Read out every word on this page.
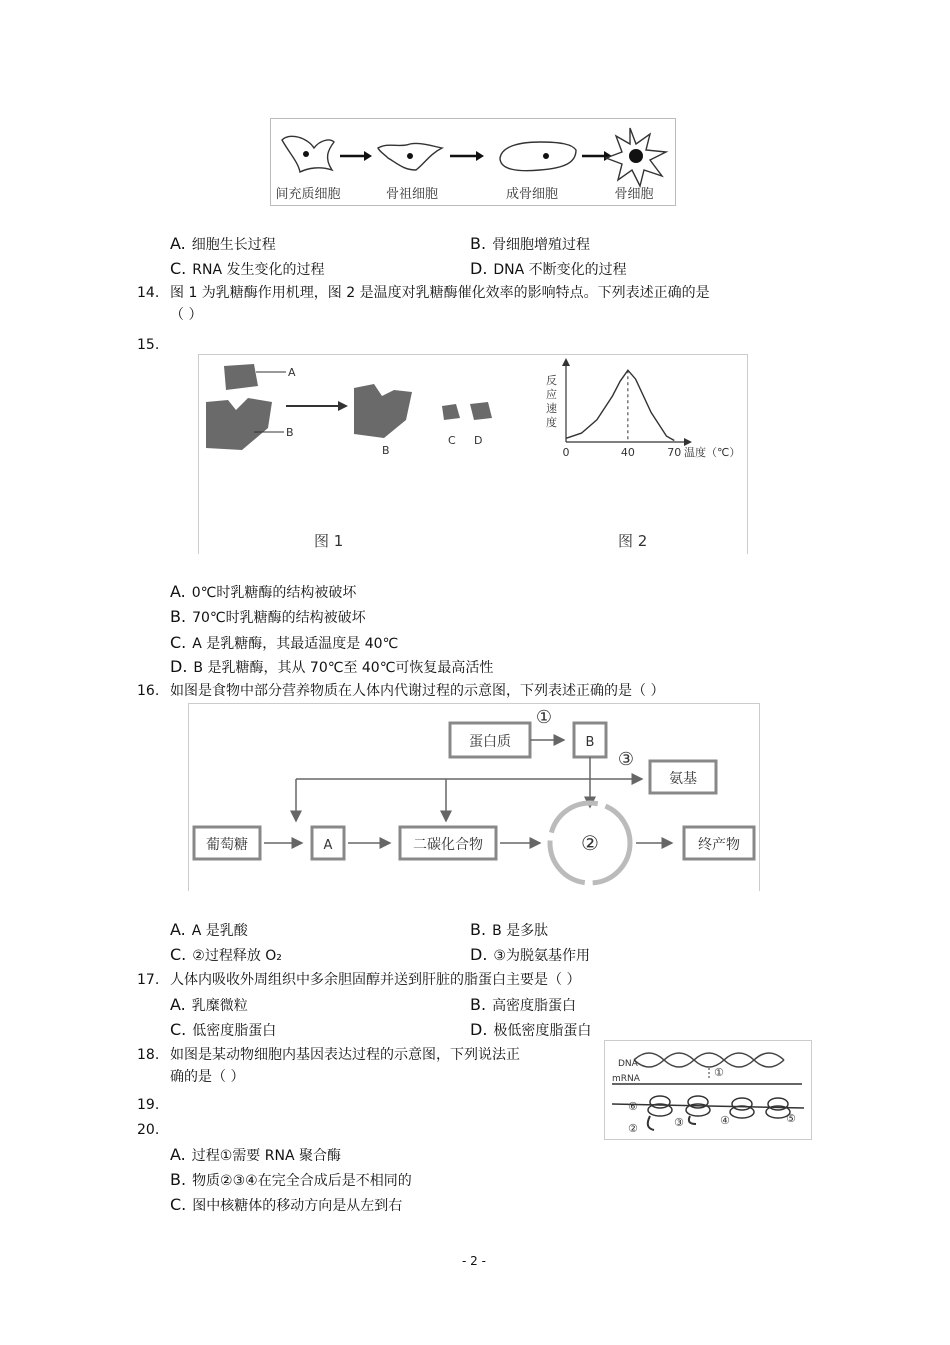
间充质细胞	骨祖细胞	成骨细胞	骨细胞
A. 细胞生长过程	B. 骨细胞增殖过程
C. RNA 发生变化的过程	D. DNA 不断变化的过程
14. 图 1 为乳糖酶作用机理，图 2 是温度对乳糖酶催化效率的影响特点。下列表述正确的是
（ ）
15.
A
B
B
C D
图 1
反应速度
0	40	70 温度（℃）
图 2
A. 0℃时乳糖酶的结构被破坏
B. 70℃时乳糖酶的结构被破坏
C. A 是乳糖酶，其最适温度是 40℃
D. B 是乳糖酶，其从 70℃至 40℃可恢复最高活性
16. 如图是食物中部分营养物质在人体内代谢过程的示意图，下列表述正确的是（ ）
蛋白质
①
B
③
氨基
葡萄糖	A	二碳化合物	②	终产物
A. A 是乳酸	B. B 是多肽
C. ②过程释放 O₂	D. ③为脱氨基作用
17. 人体内吸收外周组织中多余胆固醇并送到肝脏的脂蛋白主要是（ ）
A. 乳糜微粒	B. 高密度脂蛋白
C. 低密度脂蛋白	D. 极低密度脂蛋白
18. 如图是某动物细胞内基因表达过程的示意图，下列说法正
确的是（ ）
DNA
①
mRNA
⑥
②	③	④	⑤
19.
20.
A. 过程①需要 RNA 聚合酶
B. 物质②③④在完全合成后是不相同的
C. 图中核糖体的移动方向是从左到右
- 2 -
